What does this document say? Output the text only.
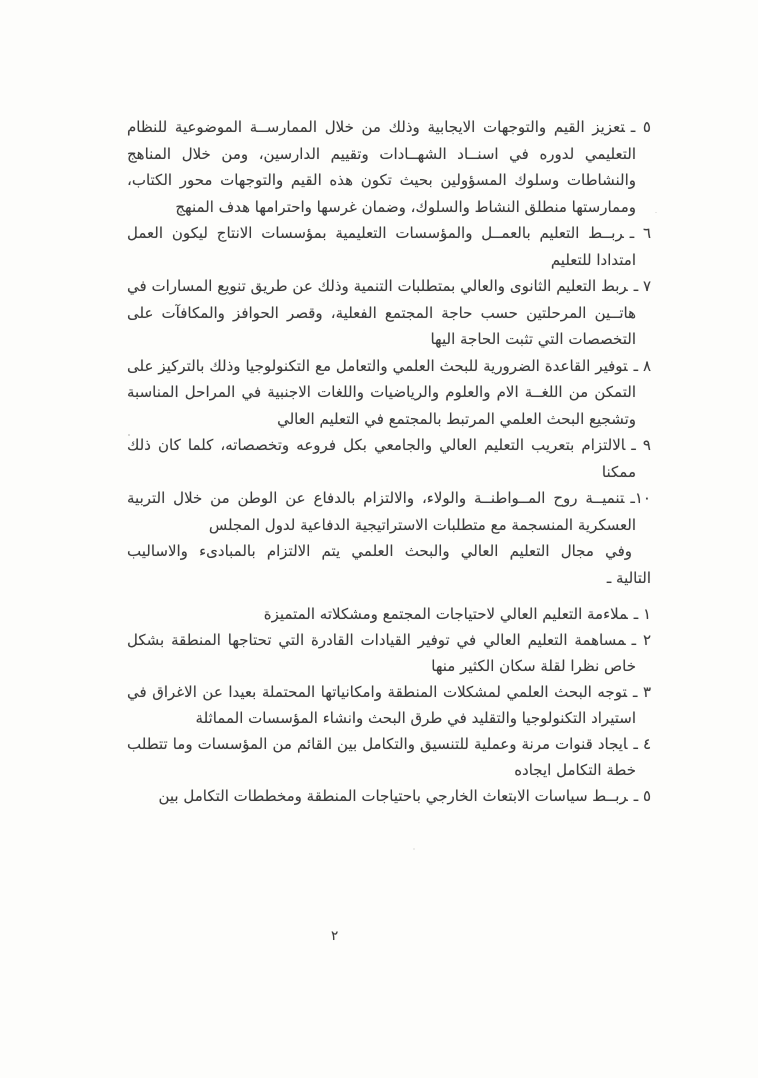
٥ ـتعزيز القيم والتوجهات الايجابية وذلك من خلال الممارســة الموضوعية للنظام التعليمي لدوره في اسنــاد الشهــادات وتقييم الدارسين، ومن خلال المناهج والنشاطات وسلوك المسؤولين بحيث تكون هذه القيم والتوجهات محور الكتاب، وممارستها منطلق النشاط والسلوك، وضمان غرسها واحترامها هدف المنهج
٦ ـربــط التعليم بالعمــل والمؤسسات التعليمية بمؤسسات الانتاج ليكون العمل امتدادا للتعليم
٧ ـربط التعليم الثانوى والعالي بمتطلبات التنمية وذلك عن طريق تنويع المسارات في هاتــين المرحلتين حسب حاجة المجتمع الفعلية، وقصر الحوافز والمكافآت على التخصصات التي تثبت الحاجة اليها
٨ ـتوفير القاعدة الضرورية للبحث العلمي والتعامل مع التكنولوجيا وذلك بالتركيز على التمكن من اللغــة الام والعلوم والرياضيات واللغات الاجنبية في المراحل المناسبة وتشجيع البحث العلمي المرتبط بالمجتمع في التعليم العالي
٩ ـالالتزام بتعريب التعليم العالي والجامعي بكل فروعه وتخصصاته، كلما كان ذلك ممكنا
١٠ـتنميــة روح المــواطنــة والولاء، والالتزام بالدفاع عن الوطن من خلال التربية العسكرية المنسجمة مع متطلبات الاستراتيجية الدفاعية لدول المجلس

وفي مجال التعليم العالي والبحث العلمي يتم الالتزام بالمبادىء والاساليب
التالية ـ

١ ـملاءمة التعليم العالي لاحتياجات المجتمع ومشكلاته المتميزة
٢ ـمساهمة التعليم العالي في توفير القيادات القادرة التي تحتاجها المنطقة بشكل خاص نظرا لقلة سكان الكثير منها
٣ ـتوجه البحث العلمي لمشكلات المنطقة وامكانياتها المحتملة بعيدا عن الاغراق في استيراد التكنولوجيا والتقليد في طرق البحث وانشاء المؤسسات المماثلة
٤ ـايجاد قنوات مرنة وعملية للتنسيق والتكامل بين القائم من المؤسسات وما تتطلب خطة التكامل ايجاده
٥ ـربــط سياسات الابتعاث الخارجي باحتياجات المنطقة ومخططات التكامل بين
٢
